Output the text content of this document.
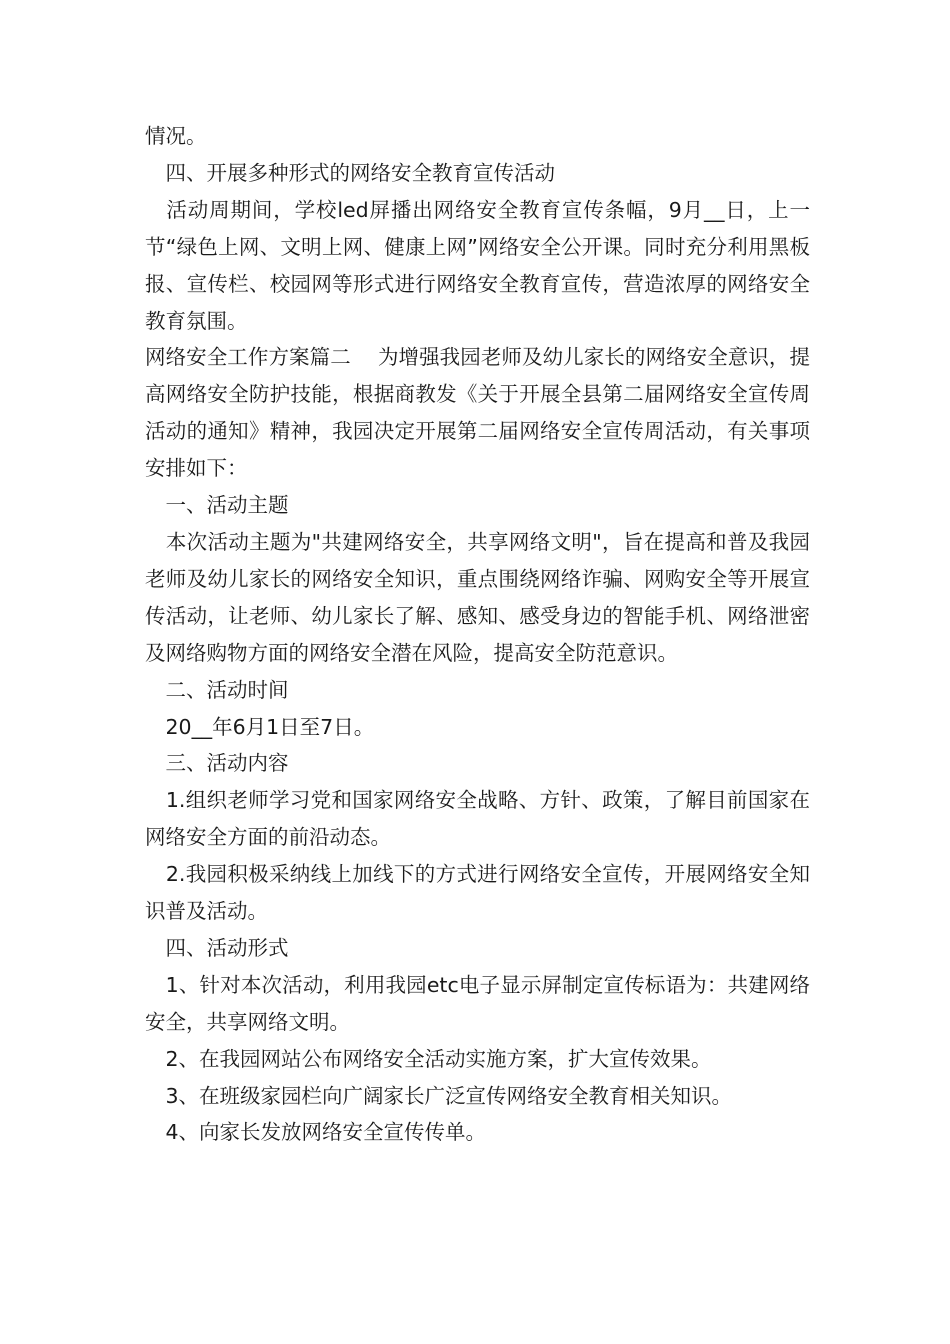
情况。

　四、开展多种形式的网络安全教育宣传活动

　活动周期间，学校led屏播出网络安全教育宣传条幅，9月__日，上一节“绿色上网、文明上网、健康上网”网络安全公开课。同时充分利用黑板报、宣传栏、校园网等形式进行网络安全教育宣传，营造浓厚的网络安全教育氛围。

网络安全工作方案篇二　 为增强我园老师及幼儿家长的网络安全意识，提高网络安全防护技能，根据商教发《关于开展全县第二届网络安全宣传周活动的通知》精神，我园决定开展第二届网络安全宣传周活动，有关事项安排如下：

　一、活动主题

　本次活动主题为"共建网络安全，共享网络文明"，旨在提高和普及我园老师及幼儿家长的网络安全知识，重点围绕网络诈骗、网购安全等开展宣传活动，让老师、幼儿家长了解、感知、感受身边的智能手机、网络泄密及网络购物方面的网络安全潜在风险，提高安全防范意识。

　二、活动时间

　20__年6月1日至7日。

　三、活动内容

　1.组织老师学习党和国家网络安全战略、方针、政策，了解目前国家在网络安全方面的前沿动态。

　2.我园积极采纳线上加线下的方式进行网络安全宣传，开展网络安全知识普及活动。

　四、活动形式

　1、针对本次活动，利用我园etc电子显示屏制定宣传标语为：共建网络安全，共享网络文明。

　2、在我园网站公布网络安全活动实施方案，扩大宣传效果。

　3、在班级家园栏向广阔家长广泛宣传网络安全教育相关知识。

　4、向家长发放网络安全宣传传单。
